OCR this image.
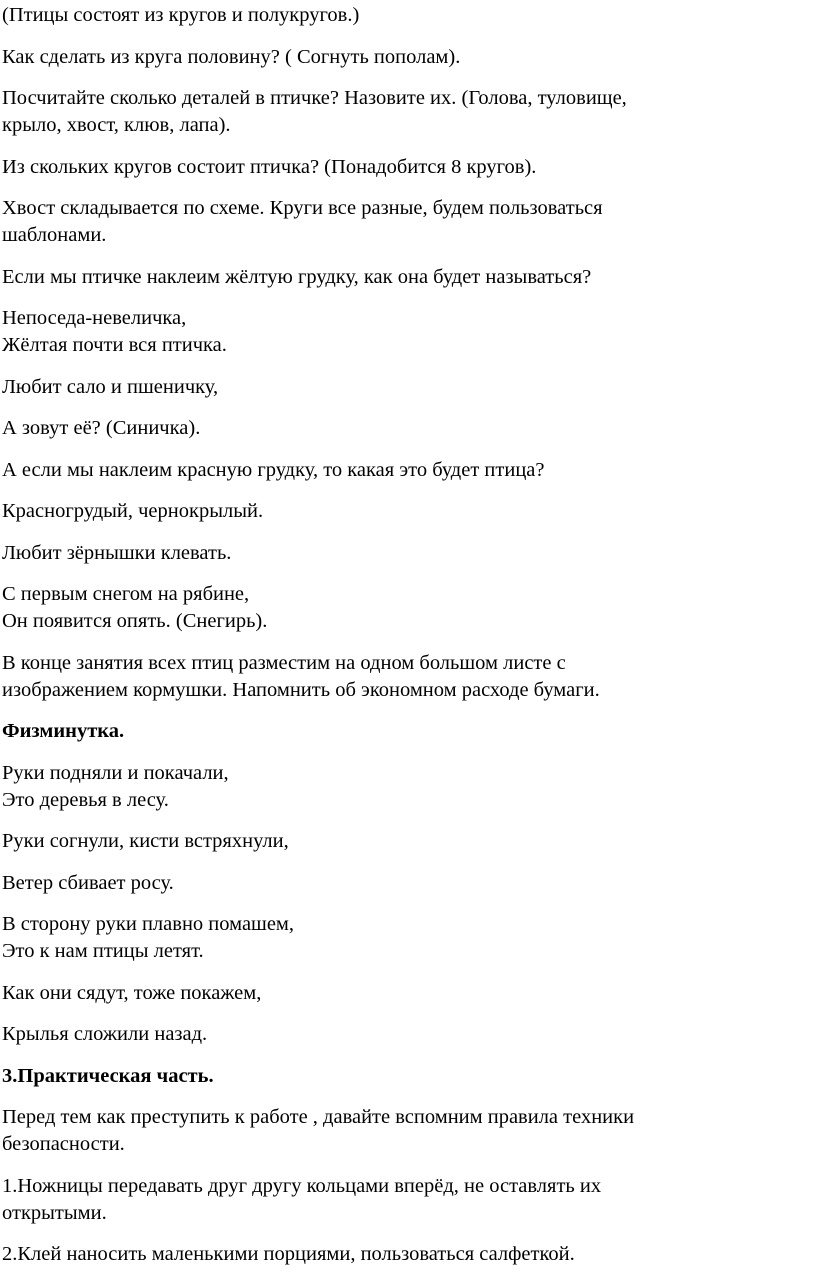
(Птицы состоят из кругов и полукругов.)

Как сделать из круга половину? ( Согнуть пополам).

Посчитайте сколько деталей в птичке? Назовите их. (Голова, туловище,
крыло, хвост, клюв, лапа).

Из скольких кругов состоит птичка? (Понадобится 8 кругов).

Хвост складывается по схеме. Круги все разные, будем пользоваться
шаблонами.

Если мы птичке наклеим жёлтую грудку, как она будет называться?

Непоседа-невеличка,
Жёлтая почти вся птичка.

Любит сало и пшеничку,

А зовут её? (Синичка).

А если мы наклеим красную грудку, то какая это будет птица?

Красногрудый, чернокрылый.

Любит зёрнышки клевать.

С первым снегом на рябине,
Он появится опять. (Снегирь).

В конце занятия всех птиц разместим на одном большом листе с
изображением кормушки. Напомнить об экономном расходе бумаги.

Физминутка.

Руки подняли и покачали,
Это деревья в лесу.

Руки согнули, кисти встряхнули,

Ветер сбивает росу.

В сторону руки плавно помашем,
Это к нам птицы летят.

Как они сядут, тоже покажем,

Крылья сложили назад.

3.Практическая часть.

Перед тем как преступить к работе , давайте вспомним правила техники
безопасности.

1.Ножницы передавать друг другу кольцами вперёд, не оставлять их
открытыми.

2.Клей наносить маленькими порциями, пользоваться салфеткой.
